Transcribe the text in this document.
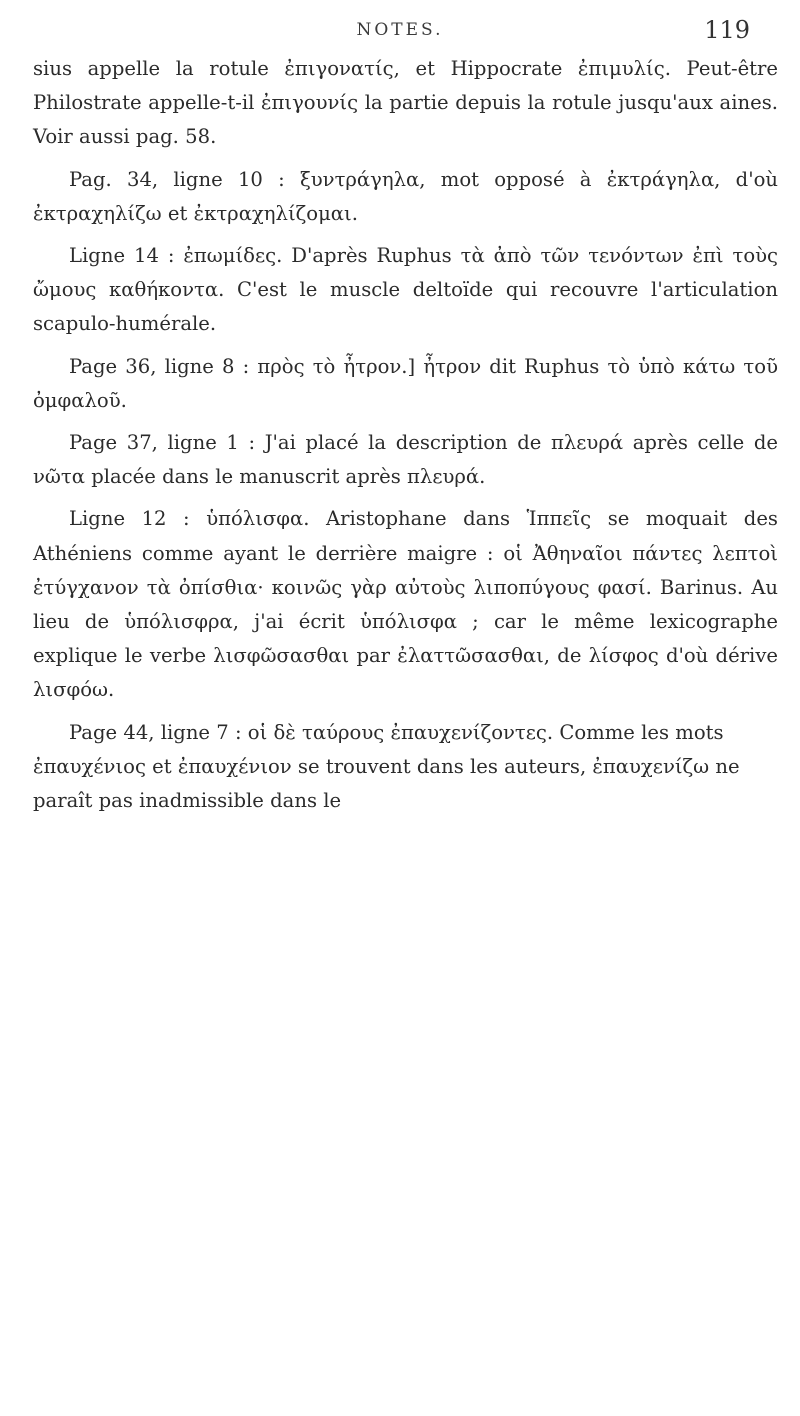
NOTES.	119

sius appelle la rotule ἐπιγονατίς, et Hippocrate ἐπιμυλίς. Peut-être Philostrate appelle-t-il ἐπιγουνίς la partie depuis la rotule jusqu'aux aines. Voir aussi pag. 58.

Pag. 34, ligne 10 : ξυντράγηλα, mot opposé à ἐκτράγηλα, d'où ἐκτραχηλίζω et ἐκτραχηλίζομαι.

Ligne 14 : ἐπωμίδες. D'après Ruphus τὰ ἀπὸ τῶν τενόντων ἐπὶ τοὺς ὤμους καθήκοντα. C'est le muscle deltoïde qui recouvre l'articulation scapulo-humérale.

Page 36, ligne 8 : πρὸς τὸ ἦτρον.] ἦτρον dit Ruphus τὸ ὑπὸ κάτω τοῦ ὀμφαλοῦ.

Page 37, ligne 1 : J'ai placé la description de πλευρά après celle de νῶτα placée dans le manuscrit après πλευρά.

Ligne 12 : ὑπόλισφα. Aristophane dans Ἱππεῖς se moquait des Athéniens comme ayant le derrière maigre : οἱ Ἀθηναῖοι πάντες λεπτοὶ ἐτύγχανον τὰ ὀπίσθια· κοινῶς γὰρ αὐτοὺς λιποπύγους φασί. Barinus. Au lieu de ὑπόλισφρα, j'ai écrit ὑπόλισφα ; car le même lexicographe explique le verbe λισφῶσασθαι par ἐλαττῶσασθαι, de λίσφος d'où dérive λισφόω.

Page 44, ligne 7 : οἱ δὲ ταύρους ἐπαυχενίζοντες. Comme les mots ἐπαυχένιος et ἐπαυχένιον se trouvent dans les auteurs, ἐπαυχενίζω ne paraît pas inadmissible dans le
